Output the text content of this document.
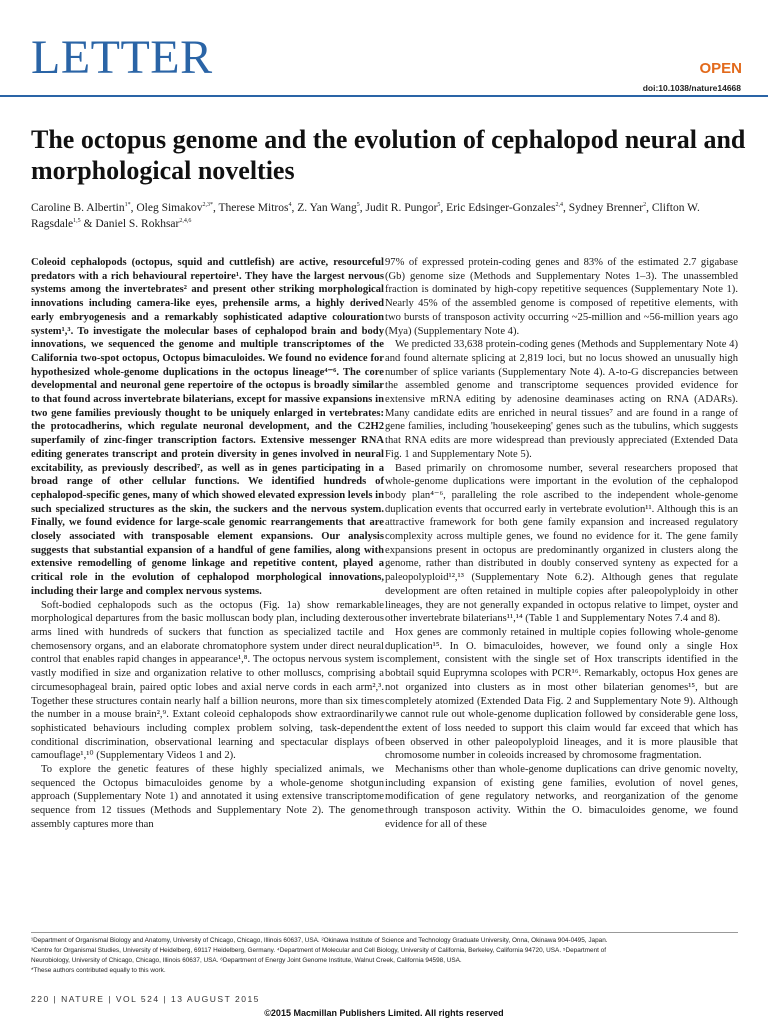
LETTER	OPEN
doi:10.1038/nature14668
The octopus genome and the evolution of cephalopod neural and morphological novelties
Caroline B. Albertin$^{1*}$, Oleg Simakov$^{2,3*}$, Therese Mitros$^4$, Z. Yan Wang$^5$, Judit R. Pungor$^5$, Eric Edsinger-Gonzales$^{2,4}$, Sydney Brenner$^2$, Clifton W. Ragsdale$^{1,5}$ & Daniel S. Rokhsar$^{2,4,6}$

Coleoid cephalopods (octopus, squid and cuttlefish) are active, resourceful predators with a rich behavioural repertoire¹. They have the largest nervous systems among the invertebrates² and present other striking morphological innovations including camera-like eyes, prehensile arms, a highly derived early embryogenesis and a remarkably sophisticated adaptive colouration system¹,³. To investigate the molecular bases of cephalopod brain and body innovations, we sequenced the genome and multiple transcriptomes of the California two-spot octopus, Octopus bimaculoides. We found no evidence for hypothesized whole-genome duplications in the octopus lineage⁴⁻⁶. The core developmental and neuronal gene repertoire of the octopus is broadly similar to that found across invertebrate bilaterians, except for massive expansions in two gene families previously thought to be uniquely enlarged in vertebrates: the protocadherins, which regulate neuronal development, and the C2H2 superfamily of zinc-finger transcription factors. Extensive messenger RNA editing generates transcript and protein diversity in genes involved in neural excitability, as previously described⁷, as well as in genes participating in a broad range of other cellular functions. We identified hundreds of cephalopod-specific genes, many of which showed elevated expression levels in such specialized structures as the skin, the suckers and the nervous system. Finally, we found evidence for large-scale genomic rearrangements that are closely associated with transposable element expansions. Our analysis suggests that substantial expansion of a handful of gene families, along with extensive remodelling of genome linkage and repetitive content, played a critical role in the evolution of cephalopod morphological innovations, including their large and complex nervous systems.

Soft-bodied cephalopods such as the octopus (Fig. 1a) show remarkable morphological departures from the basic molluscan body plan, including dexterous arms lined with hundreds of suckers that function as specialized tactile and chemosensory organs, and an elaborate chromatophore system under direct neural control that enables rapid changes in appearance¹,⁸. The octopus nervous system is vastly modified in size and organization relative to other molluscs, comprising a circumesophageal brain, paired optic lobes and axial nerve cords in each arm²,³. Together these structures contain nearly half a billion neurons, more than six times the number in a mouse brain²,⁹. Extant coleoid cephalopods show extraordinarily sophisticated behaviours including complex problem solving, task-dependent conditional discrimination, observational learning and spectacular displays of camouflage¹,¹⁰ (Supplementary Videos 1 and 2).

To explore the genetic features of these highly specialized animals, we sequenced the Octopus bimaculoides genome by a whole-genome shotgun approach (Supplementary Note 1) and annotated it using extensive transcriptome sequence from 12 tissues (Methods and Supplementary Note 2). The genome assembly captures more than

97% of expressed protein-coding genes and 83% of the estimated 2.7 gigabase (Gb) genome size (Methods and Supplementary Notes 1–3). The unassembled fraction is dominated by high-copy repetitive sequences (Supplementary Note 1). Nearly 45% of the assembled genome is composed of repetitive elements, with two bursts of transposon activity occurring ~25-million and ~56-million years ago (Mya) (Supplementary Note 4).

We predicted 33,638 protein-coding genes (Methods and Supplementary Note 4) and found alternate splicing at 2,819 loci, but no locus showed an unusually high number of splice variants (Supplementary Note 4). A-to-G discrepancies between the assembled genome and transcriptome sequences provided evidence for extensive mRNA editing by adenosine deaminases acting on RNA (ADARs). Many candidate edits are enriched in neural tissues⁷ and are found in a range of gene families, including 'housekeeping' genes such as the tubulins, which suggests that RNA edits are more widespread than previously appreciated (Extended Data Fig. 1 and Supplementary Note 5).

Based primarily on chromosome number, several researchers proposed that whole-genome duplications were important in the evolution of the cephalopod body plan⁴⁻⁶, paralleling the role ascribed to the independent whole-genome duplication events that occurred early in vertebrate evolution¹¹. Although this is an attractive framework for both gene family expansion and increased regulatory complexity across multiple genes, we found no evidence for it. The gene family expansions present in octopus are predominantly organized in clusters along the genome, rather than distributed in doubly conserved synteny as expected for a paleopolyploid¹²,¹³ (Supplementary Note 6.2). Although genes that regulate development are often retained in multiple copies after paleopolyploidy in other lineages, they are not generally expanded in octopus relative to limpet, oyster and other invertebrate bilaterians¹¹,¹⁴ (Table 1 and Supplementary Notes 7.4 and 8).

Hox genes are commonly retained in multiple copies following whole-genome duplication¹⁵. In O. bimaculoides, however, we found only a single Hox complement, consistent with the single set of Hox transcripts identified in the bobtail squid Euprymna scolopes with PCR¹⁶. Remarkably, octopus Hox genes are not organized into clusters as in most other bilaterian genomes¹⁵, but are completely atomized (Extended Data Fig. 2 and Supplementary Note 9). Although we cannot rule out whole-genome duplication followed by considerable gene loss, the extent of loss needed to support this claim would far exceed that which has been observed in other paleopolyploid lineages, and it is more plausible that chromosome number in coleoids increased by chromosome fragmentation.

Mechanisms other than whole-genome duplications can drive genomic novelty, including expansion of existing gene families, evolution of novel genes, modification of gene regulatory networks, and reorganization of the genome through transposon activity. Within the O. bimaculoides genome, we found evidence for all of these

¹Department of Organismal Biology and Anatomy, University of Chicago, Chicago, Illinois 60637, USA. ²Okinawa Institute of Science and Technology Graduate University, Onna, Okinawa 904-0495, Japan.
³Centre for Organismal Studies, University of Heidelberg, 69117 Heidelberg, Germany. ⁴Department of Molecular and Cell Biology, University of California, Berkeley, California 94720, USA. ⁵Department of
Neurobiology, University of Chicago, Chicago, Illinois 60637, USA. ⁶Department of Energy Joint Genome Institute, Walnut Creek, California 94598, USA.
*These authors contributed equally to this work.
220 | NATURE | VOL 524 | 13 AUGUST 2015
©2015 Macmillan Publishers Limited. All rights reserved
